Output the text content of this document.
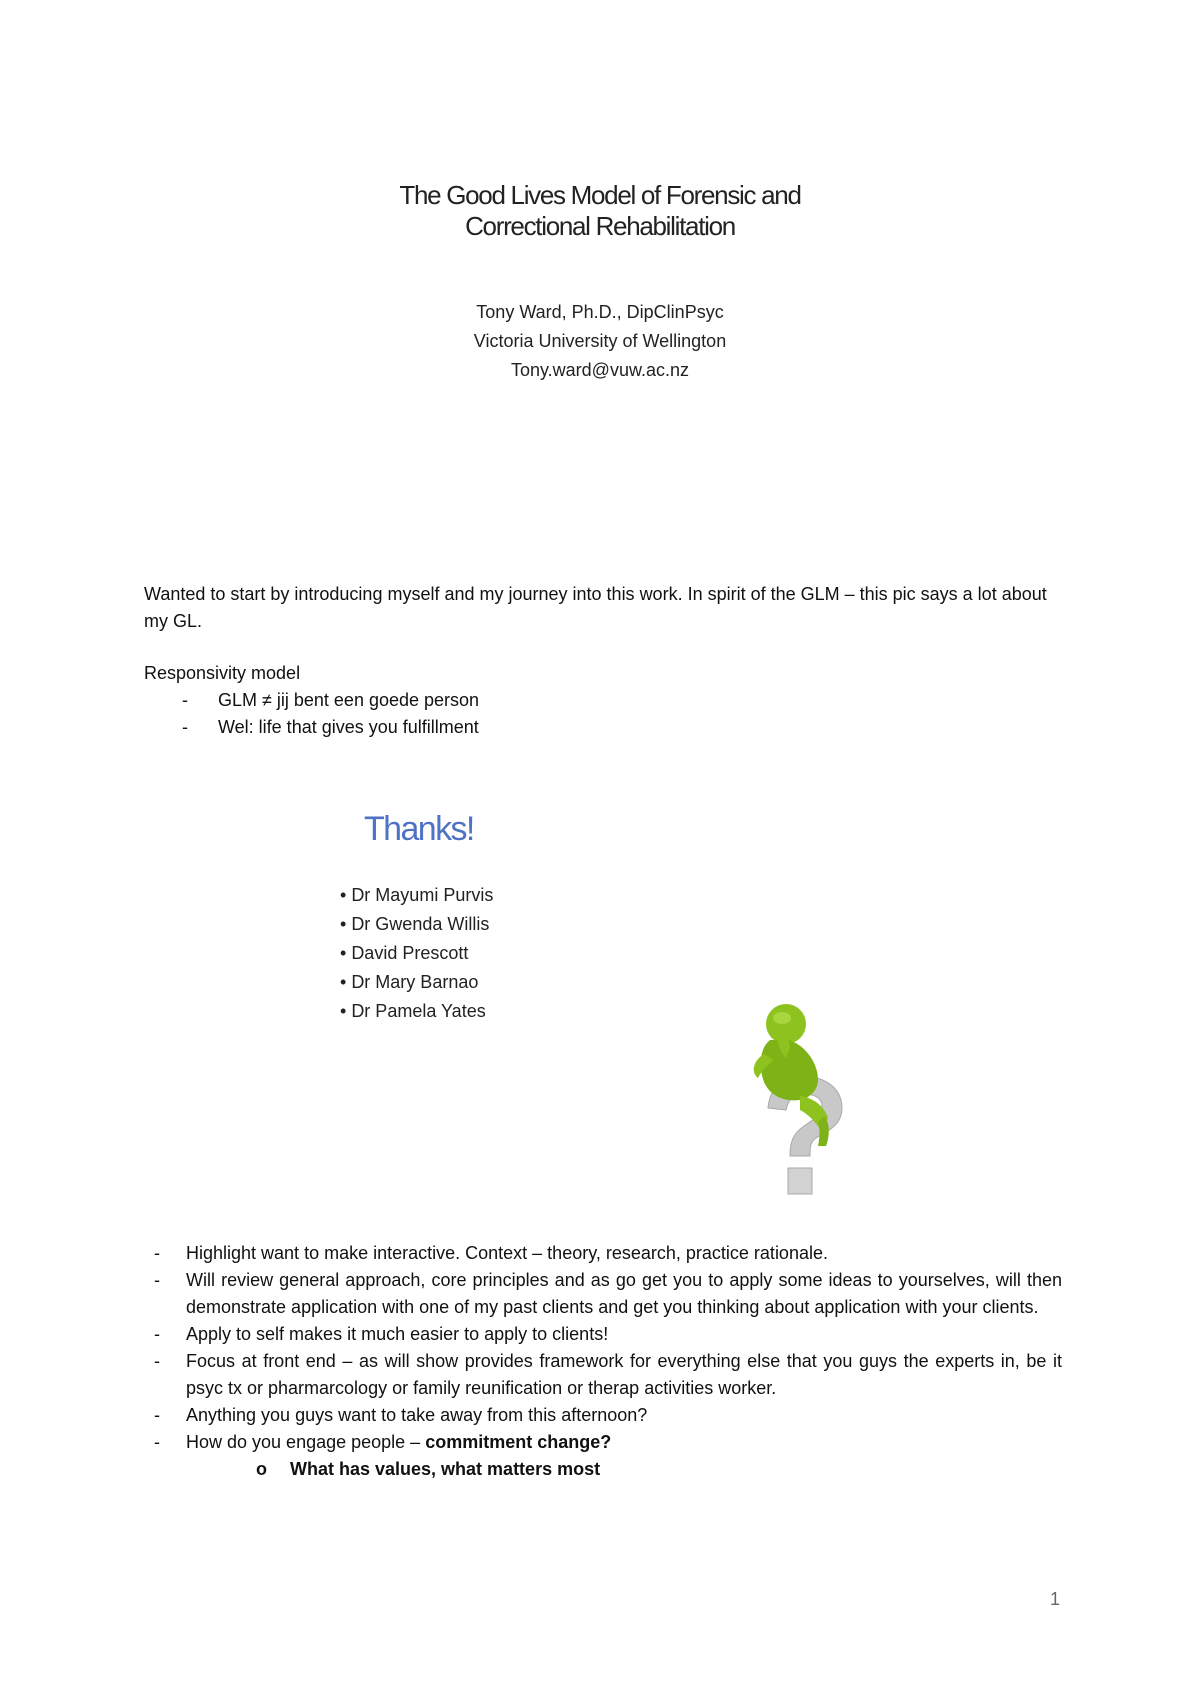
The Good Lives Model of Forensic and
Correctional Rehabilitation
Tony Ward, Ph.D., DipClinPsyc
Victoria University of Wellington
Tony.ward@vuw.ac.nz
Wanted to start by introducing myself and my journey into this work. In spirit of the GLM – this pic says a lot about my GL.
Responsivity model
- GLM ≠ jij bent een goede person
- Wel: life that gives you fulfillment
Thanks!
• Dr Mayumi Purvis
• Dr Gwenda Willis
• David Prescott
• Dr Mary Barnao
• Dr Pamela Yates
- Highlight want to make interactive. Context – theory, research, practice rationale.
- Will review general approach, core principles and as go get you to apply some ideas to yourselves, will then demonstrate application with one of my past clients and get you thinking about application with your clients.
- Apply to self makes it much easier to apply to clients!
- Focus at front end – as will show provides framework for everything else that you guys the experts in, be it psyc tx or pharmarcology or family reunification or therap activities worker.
- Anything you guys want to take away from this afternoon?
- How do you engage people – commitment change?
o What has values, what matters most
1
